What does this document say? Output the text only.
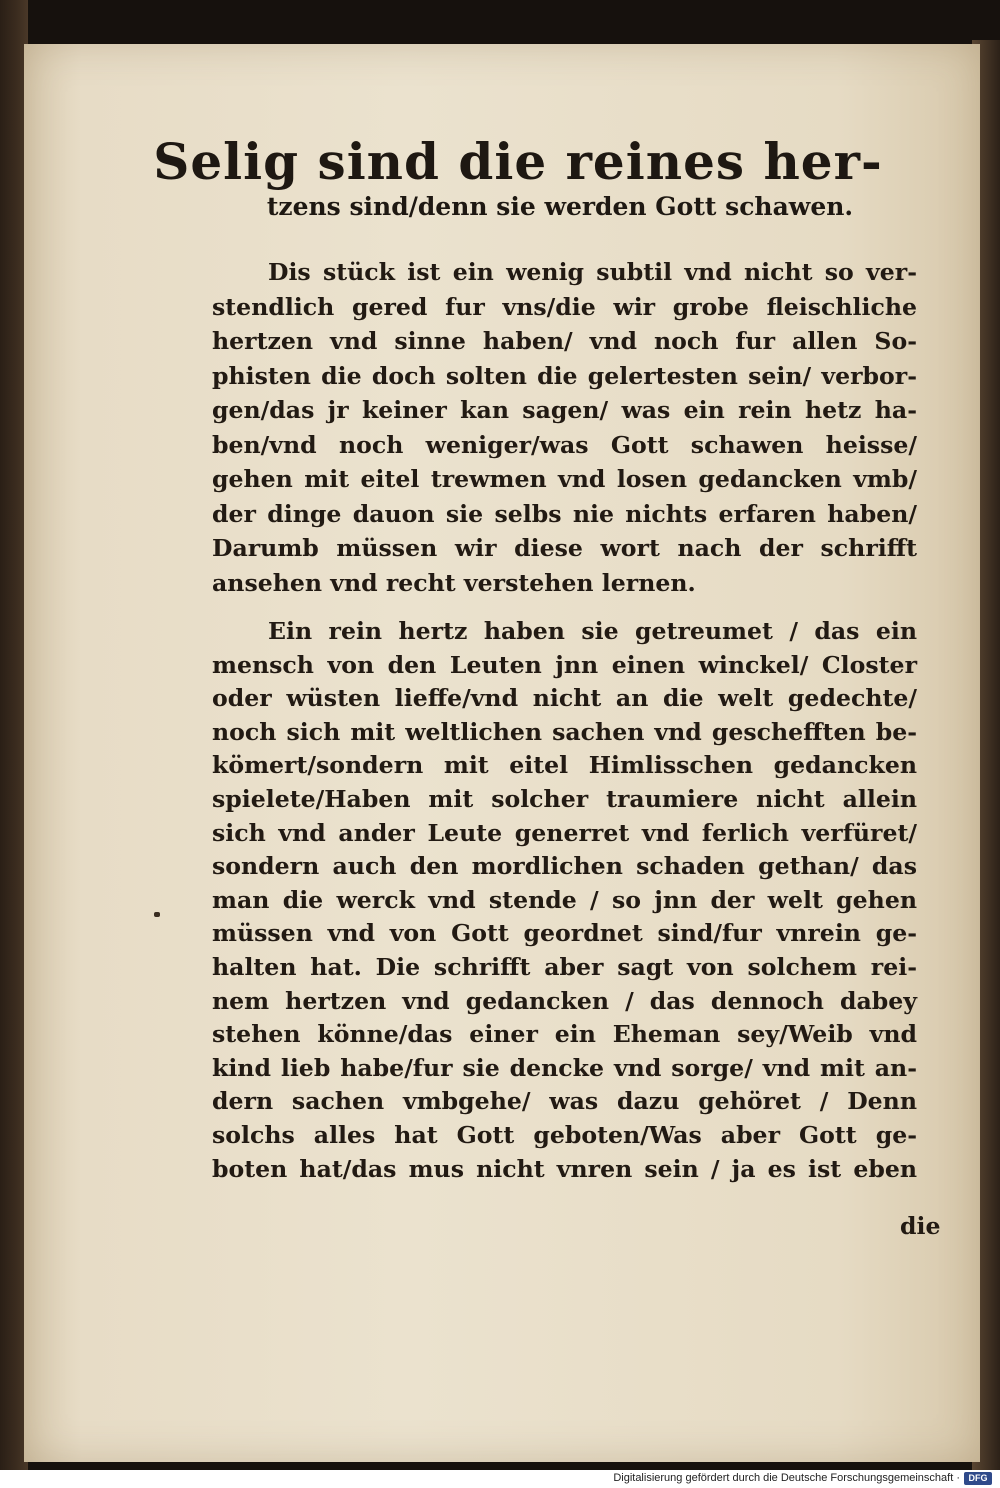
Selig sind die reines her-
tzens sind/denn sie werden Gott schawen.
Dis stück ist ein wenig subtil vnd nicht so ver-
stendlich gered fur vns/die wir grobe fleischliche
hertzen vnd sinne haben/ vnd noch fur allen So-
phisten die doch solten die gelertesten sein/ verbor-
gen/das jr keiner kan sagen/ was ein rein hetz ha-
ben/vnd noch weniger/was Gott schawen heisse/
gehen mit eitel trewmen vnd losen gedancken vmb/
der dinge dauon sie selbs nie nichts erfaren haben/
Darumb müssen wir diese wort nach der schrifft
ansehen vnd recht verstehen lernen.
Ein rein hertz haben sie getreumet / das ein
mensch von den Leuten jnn einen winckel/ Closter
oder wüsten lieffe/vnd nicht an die welt gedechte/
noch sich mit weltlichen sachen vnd geschefften be-
kömert/sondern mit eitel Himlisschen gedancken
spielete/Haben mit solcher traumiere nicht allein
sich vnd ander Leute generret vnd ferlich verfüret/
sondern auch den mordlichen schaden gethan/ das
man die werck vnd stende / so jnn der welt gehen
müssen vnd von Gott geordnet sind/fur vnrein ge-
halten hat. Die schrifft aber sagt von solchem rei-
nem hertzen vnd gedancken / das dennoch dabey
stehen könne/das einer ein Eheman sey/Weib vnd
kind lieb habe/fur sie dencke vnd sorge/ vnd mit an-
dern sachen vmbgehe/ was dazu gehöret / Denn
solchs alles hat Gott geboten/Was aber Gott ge-
boten hat/das mus nicht vnren sein / ja es ist eben
die
Digitalisierung gefördert durch die Deutsche Forschungsgemeinschaft · DFG
